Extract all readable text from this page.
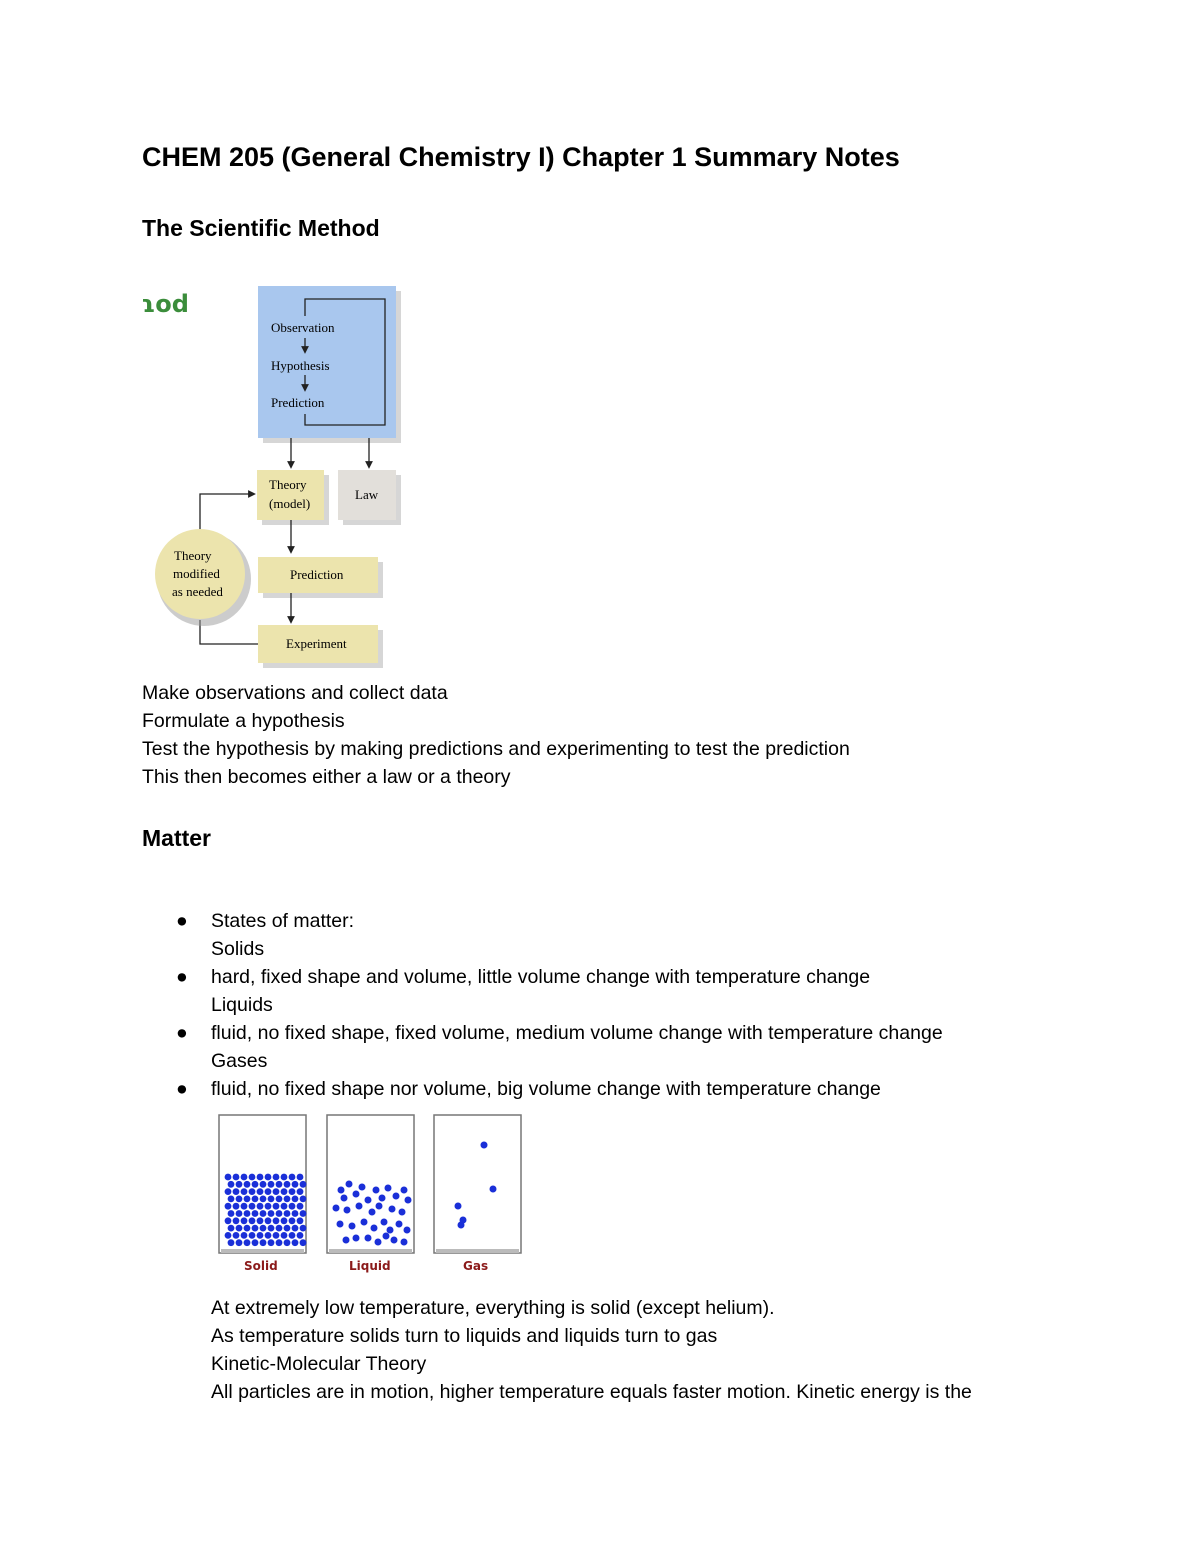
CHEM 205 (General Chemistry I) Chapter 1 Summary Notes
The Scientific Method
ɿod
Observation
Hypothesis
Prediction
Theory
(model)
Law
Prediction
Experiment
Theory
modified
as needed
Make observations and collect data
Formulate a hypothesis
Test the hypothesis by making predictions and experimenting to test the prediction
This then becomes either a law or a theory
Matter
●	States of matter:
Solids
●	hard, fixed shape and volume, little volume change with temperature change
Liquids
●	fluid, no fixed shape, fixed volume, medium volume change with temperature change
Gases
●	fluid, no fixed shape nor volume, big volume change with temperature change
Solid	Liquid	Gas
At extremely low temperature, everything is solid (except helium).
As temperature solids turn to liquids and liquids turn to gas
Kinetic-Molecular Theory
All particles are in motion, higher temperature equals faster motion. Kinetic energy is the
